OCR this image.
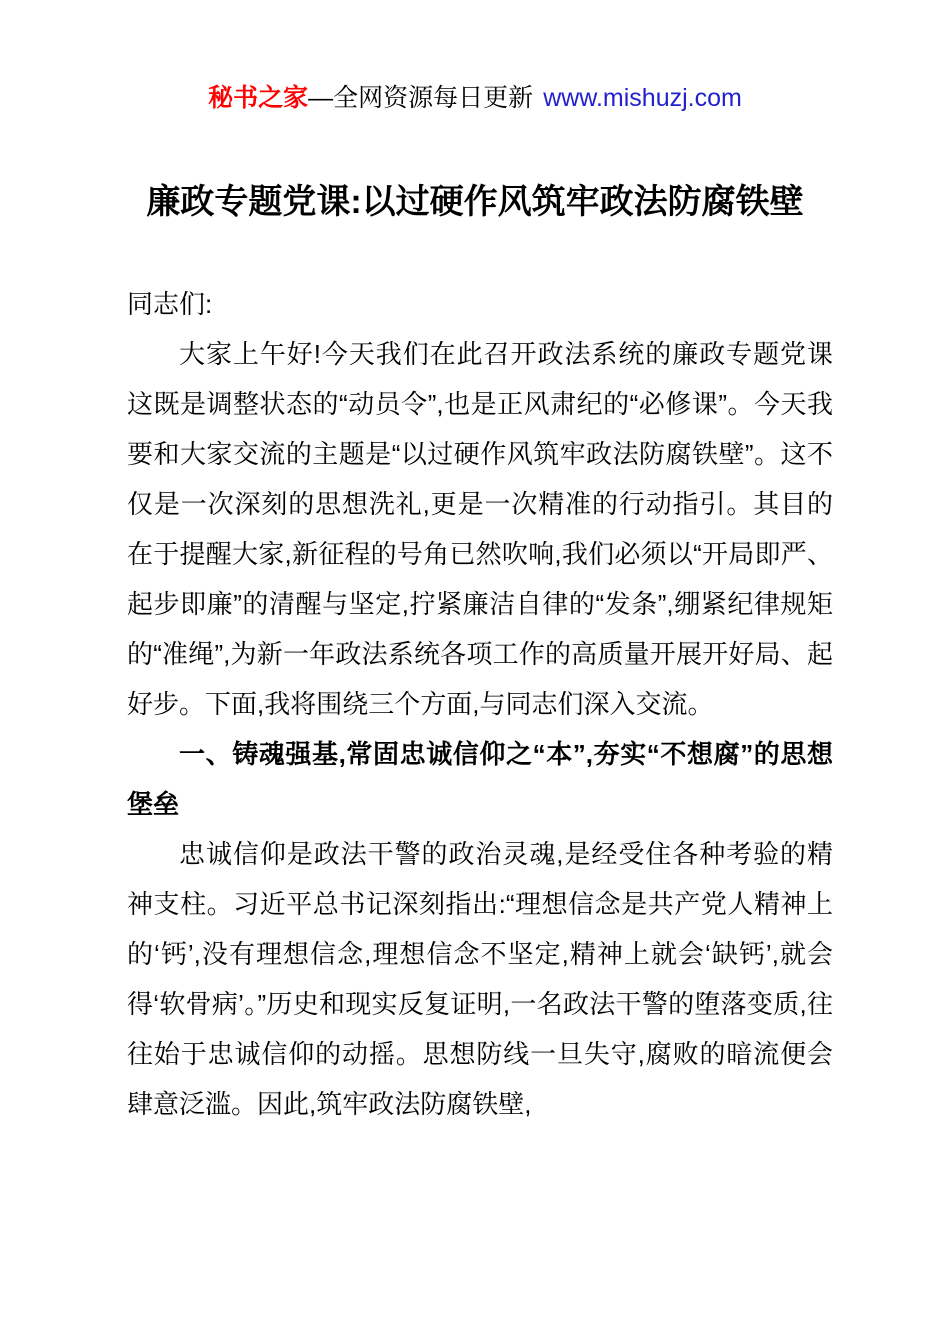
秘书之家—全网资源每日更新 www.mishuzj.com
廉政专题党课:以过硬作风筑牢政法防腐铁壁

同志们:

大家上午好!今天我们在此召开政法系统的廉政专题党课这既是调整状态的“动员令”,也是正风肃纪的“必修课”。今天我要和大家交流的主题是“以过硬作风筑牢政法防腐铁壁”。这不仅是一次深刻的思想洗礼,更是一次精准的行动指引。其目的在于提醒大家,新征程的号角已然吹响,我们必须以“开局即严、起步即廉”的清醒与坚定,拧紧廉洁自律的“发条”,绷紧纪律规矩的“准绳”,为新一年政法系统各项工作的高质量开展开好局、起好步。下面,我将围绕三个方面,与同志们深入交流。

一、铸魂强基,常固忠诚信仰之“本”,夯实“不想腐”的思想堡垒

忠诚信仰是政法干警的政治灵魂,是经受住各种考验的精神支柱。习近平总书记深刻指出:“理想信念是共产党人精神上的‘钙’,没有理想信念,理想信念不坚定,精神上就会‘缺钙’,就会得‘软骨病’。”历史和现实反复证明,一名政法干警的堕落变质,往往始于忠诚信仰的动摇。思想防线一旦失守,腐败的暗流便会肆意泛滥。因此,筑牢政法防腐铁壁,
